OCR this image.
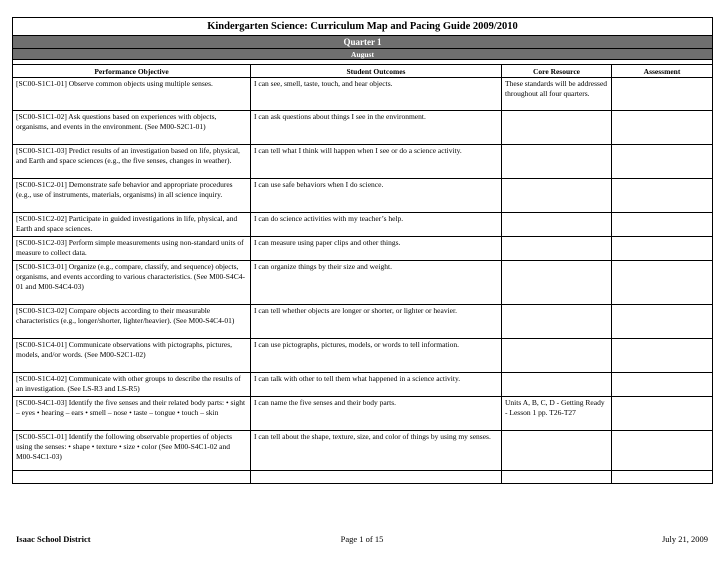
Kindergarten Science: Curriculum Map and Pacing Guide 2009/2010			
Quarter 1			
August			

Performance Objective	Student Outcomes	Core Resource	Assessment
[SC00-S1C1-01] Observe common objects using multiple senses.	I can see, smell, taste, touch, and hear objects.	These standards will be addressed throughout all four quarters.	
[SC00-S1C1-02] Ask questions based on experiences with objects, organisms, and events in the environment. (See M00-S2C1-01)	I can ask questions about things I see in the environment.		
[SC00-S1C1-03] Predict results of an investigation based on life, physical, and Earth and space sciences (e.g., the five senses, changes in weather).	I can tell what I think will happen when I see or do a science activity.		
[SC00-S1C2-01] Demonstrate safe behavior and appropriate procedures (e.g., use of instruments, materials, organisms) in all science inquiry.	I can use safe behaviors when I do science.		
[SC00-S1C2-02] Participate in guided investigations in life, physical, and Earth and space sciences.	I can do science activities with my teacher’s help.		
[SC00-S1C2-03] Perform simple measurements using non-standard units of measure to collect data.	I can measure using paper clips and other things.		
[SC00-S1C3-01] Organize (e.g., compare, classify, and sequence) objects, organisms, and events according to various characteristics. (See M00-S4C4-01 and M00-S4C4-03)	I can organize things by their size and weight.		
[SC00-S1C3-02] Compare objects according to their measurable characteristics (e.g., longer/shorter, lighter/heavier). (See M00-S4C4-01)	I can tell whether objects are longer or shorter, or lighter or heavier.		
[SC00-S1C4-01] Communicate observations with pictographs, pictures, models, and/or words. (See M00-S2C1-02)	I can use pictographs, pictures, models, or words to tell information.		
[SC00-S1C4-02] Communicate with other groups to describe the results of an investigation. (See LS-R3 and LS-R5)	I can talk with other to tell them what happened in a science activity.		
[SC00-S4C1-03] Identify the five senses and their related body parts: • sight – eyes • hearing – ears • smell – nose • taste – tongue • touch – skin	I can name the five senses and their body parts.	Units A, B, C, D - Getting Ready - Lesson 1 pp. T26-T27	
[SC00-S5C1-01] Identify the following observable properties of objects using the senses: • shape • texture • size • color (See M00-S4C1-02 and M00-S4C1-03)	I can tell about the shape, texture, size, and color of things by using my senses.		

Isaac School District	Page 1 of 15	July 21, 2009
